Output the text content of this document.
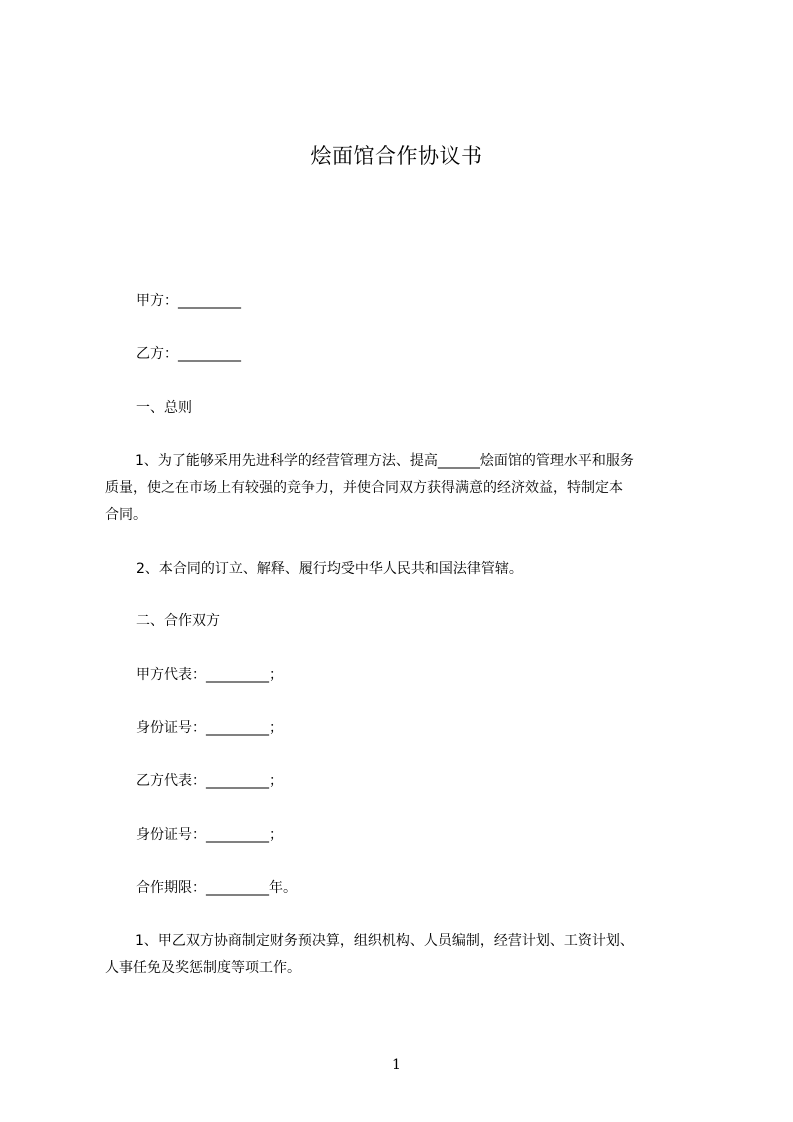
烩面馆合作协议书
甲方：_________
乙方：_________
一、总则
1、为了能够采用先进科学的经营管理方法、提高______烩面馆的管理水平和服务
质量，使之在市场上有较强的竞争力，并使合同双方获得满意的经济效益，特制定本
合同。
2、本合同的订立、解释、履行均受中华人民共和国法律管辖。
二、合作双方
甲方代表：_________；
身份证号：_________；
乙方代表：_________；
身份证号：_________；
合作期限：_________年。
1、甲乙双方协商制定财务预决算，组织机构、人员编制，经营计划、工资计划、
人事任免及奖惩制度等项工作。
1
